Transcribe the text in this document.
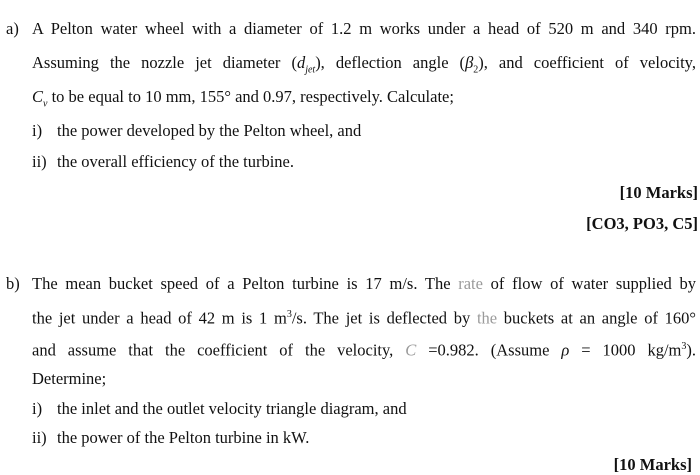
a) A Pelton water wheel with a diameter of 1.2 m works under a head of 520 m and 340 rpm.
Assuming the nozzle jet diameter $(d_{jet})$, deflection angle $(\beta_2)$, and coefficient of velocity,
$C_v$ to be equal to 10 mm, 155° and 0.97, respectively. Calculate;
i) the power developed by the Pelton wheel, and
ii) the overall efficiency of the turbine.
[10 Marks]
[CO3, PO3, C5]
b) The mean bucket speed of a Pelton turbine is 17 m/s. The rate of flow of water supplied by
the jet under a head of 42 m is 1 $m^3/s$. The jet is deflected by the buckets at an angle of 160°
and assume that the coefficient of the velocity, C =0.982. (Assume ρ = 1000 $kg/m^3$).
Determine;
i) the inlet and the outlet velocity triangle diagram, and
ii) the power of the Pelton turbine in kW.
[10 Marks]
